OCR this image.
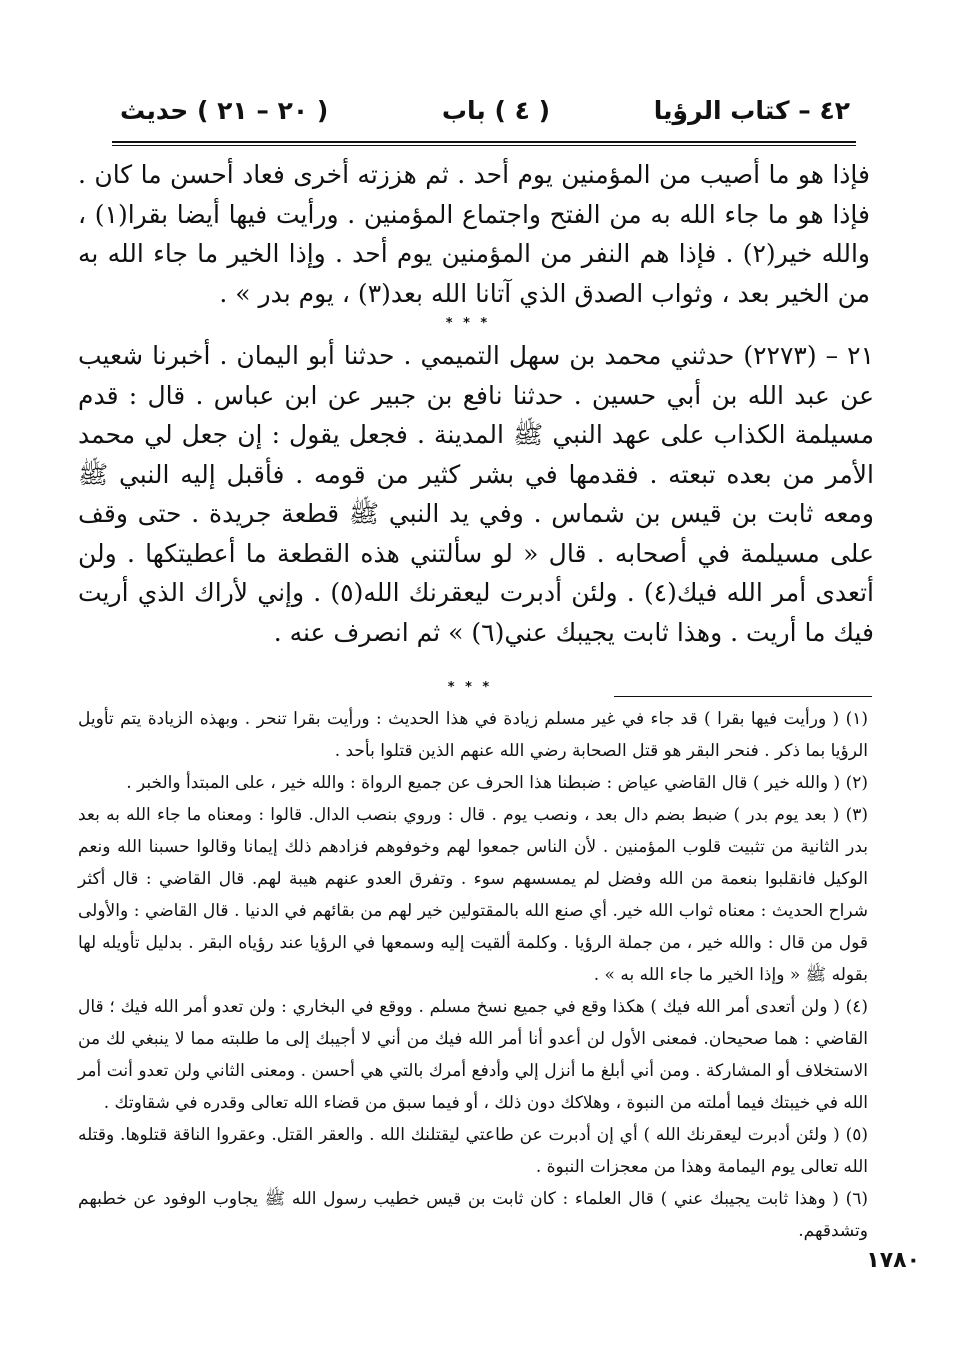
٤٢ – كتاب الرؤيا
( ٤ ) باب
( ٢٠ – ٢١ ) حديث

فإذا هو ما أصيب من المؤمنين يوم أحد . ثم هززته أخرى فعاد أحسن ما كان . فإذا هو ما جاء الله به من الفتح واجتماع المؤمنين . ورأيت فيها أيضا بقرا(١) ، والله خير(٢) . فإذا هم النفر من المؤمنين يوم أحد . وإذا الخير ما جاء الله به من الخير بعد ، وثواب الصدق الذي آتانا الله بعد(٣) ، يوم بدر » .

* * *

٢١ – (٢٢٧٣) حدثني محمد بن سهل التميمي . حدثنا أبو اليمان . أخبرنا شعيب عن عبد الله بن أبي حسين . حدثنا نافع بن جبير عن ابن عباس . قال : قدم مسيلمة الكذاب على عهد النبي ﷺ المدينة . فجعل يقول : إن جعل لي محمد الأمر من بعده تبعته . فقدمها في بشر كثير من قومه . فأقبل إليه النبي ﷺ ومعه ثابت بن قيس بن شماس . وفي يد النبي ﷺ قطعة جريدة . حتى وقف على مسيلمة في أصحابه . قال « لو سألتني هذه القطعة ما أعطيتكها . ولن أتعدى أمر الله فيك(٤) . ولئن أدبرت ليعقرنك الله(٥) . وإني لأراك الذي أريت فيك ما أريت . وهذا ثابت يجيبك عني(٦) » ثم انصرف عنه .

* * *

(١) ( ورأيت فيها بقرا ) قد جاء في غير مسلم زيادة في هذا الحديث : ورأيت بقرا تنحر . وبهذه الزيادة يتم تأويل الرؤيا بما ذكر . فنحر البقر هو قتل الصحابة رضي الله عنهم الذين قتلوا بأحد .

(٢) ( والله خير ) قال القاضي عياض : ضبطنا هذا الحرف عن جميع الرواة : والله خير ، على المبتدأ والخبر .

(٣) ( بعد يوم بدر ) ضبط بضم دال بعد ، ونصب يوم . قال : وروي بنصب الدال. قالوا : ومعناه ما جاء الله به بعد بدر الثانية من تثبيت قلوب المؤمنين . لأن الناس جمعوا لهم وخوفوهم فزادهم ذلك إيمانا وقالوا حسبنا الله ونعم الوكيل فانقلبوا بنعمة من الله وفضل لم يمسسهم سوء . وتفرق العدو عنهم هيبة لهم. قال القاضي : قال أكثر شراح الحديث : معناه ثواب الله خير. أي صنع الله بالمقتولين خير لهم من بقائهم في الدنيا . قال القاضي : والأولى قول من قال : والله خير ، من جملة الرؤيا . وكلمة ألقيت إليه وسمعها في الرؤيا عند رؤياه البقر . بدليل تأويله لها بقوله ﷺ « وإذا الخير ما جاء الله به » .

(٤) ( ولن أتعدى أمر الله فيك ) هكذا وقع في جميع نسخ مسلم . ووقع في البخاري : ولن تعدو أمر الله فيك ؛ قال القاضي : هما صحيحان. فمعنى الأول لن أعدو أنا أمر الله فيك من أني لا أجيبك إلى ما طلبته مما لا ينبغي لك من الاستخلاف أو المشاركة . ومن أني أبلغ ما أنزل إلي وأدفع أمرك بالتي هي أحسن . ومعنى الثاني ولن تعدو أنت أمر الله في خيبتك فيما أملته من النبوة ، وهلاكك دون ذلك ، أو فيما سبق من قضاء الله تعالى وقدره في شقاوتك .

(٥) ( ولئن أدبرت ليعقرنك الله ) أي إن أدبرت عن طاعتي ليقتلنك الله . والعقر القتل. وعقروا الناقة قتلوها. وقتله الله تعالى يوم اليمامة وهذا من معجزات النبوة .

(٦) ( وهذا ثابت يجيبك عني ) قال العلماء : كان ثابت بن قيس خطيب رسول الله ﷺ يجاوب الوفود عن خطبهم وتشدقهم.

١٧٨٠
